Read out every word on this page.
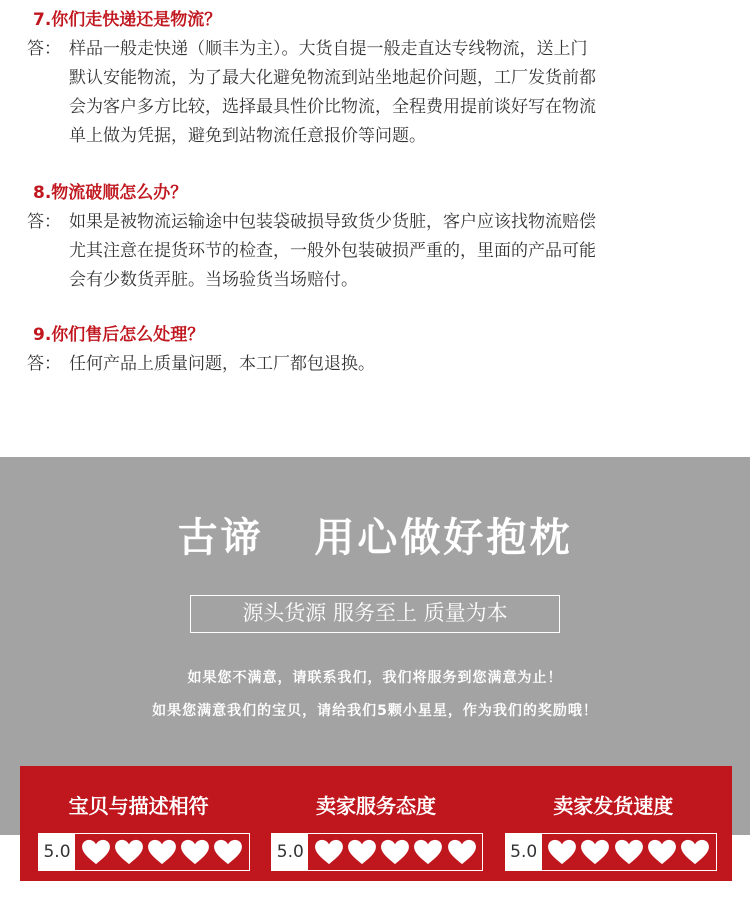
7.你们走快递还是物流？
答： 样品一般走快递（顺丰为主）。大货自提一般走直达专线物流，送上门
默认安能物流，为了最大化避免物流到站坐地起价问题，工厂发货前都
会为客户多方比较，选择最具性价比物流，全程费用提前谈好写在物流
单上做为凭据，避免到站物流任意报价等问题。
8.物流破顺怎么办？
答： 如果是被物流运输途中包装袋破损导致货少货脏，客户应该找物流赔偿
尤其注意在提货环节的检查，一般外包装破损严重的，里面的产品可能
会有少数货弄脏。当场验货当场赔付。
9.你们售后怎么处理？
答： 任何产品上质量问题，本工厂都包退换。
古谛   用心做好抱枕
源头货源 服务至上 质量为本
如果您不满意，请联系我们，我们将服务到您满意为止！
如果您满意我们的宝贝，请给我们5颗小星星，作为我们的奖励哦！
宝贝与描述相符
5.0
卖家服务态度
5.0
卖家发货速度
5.0
